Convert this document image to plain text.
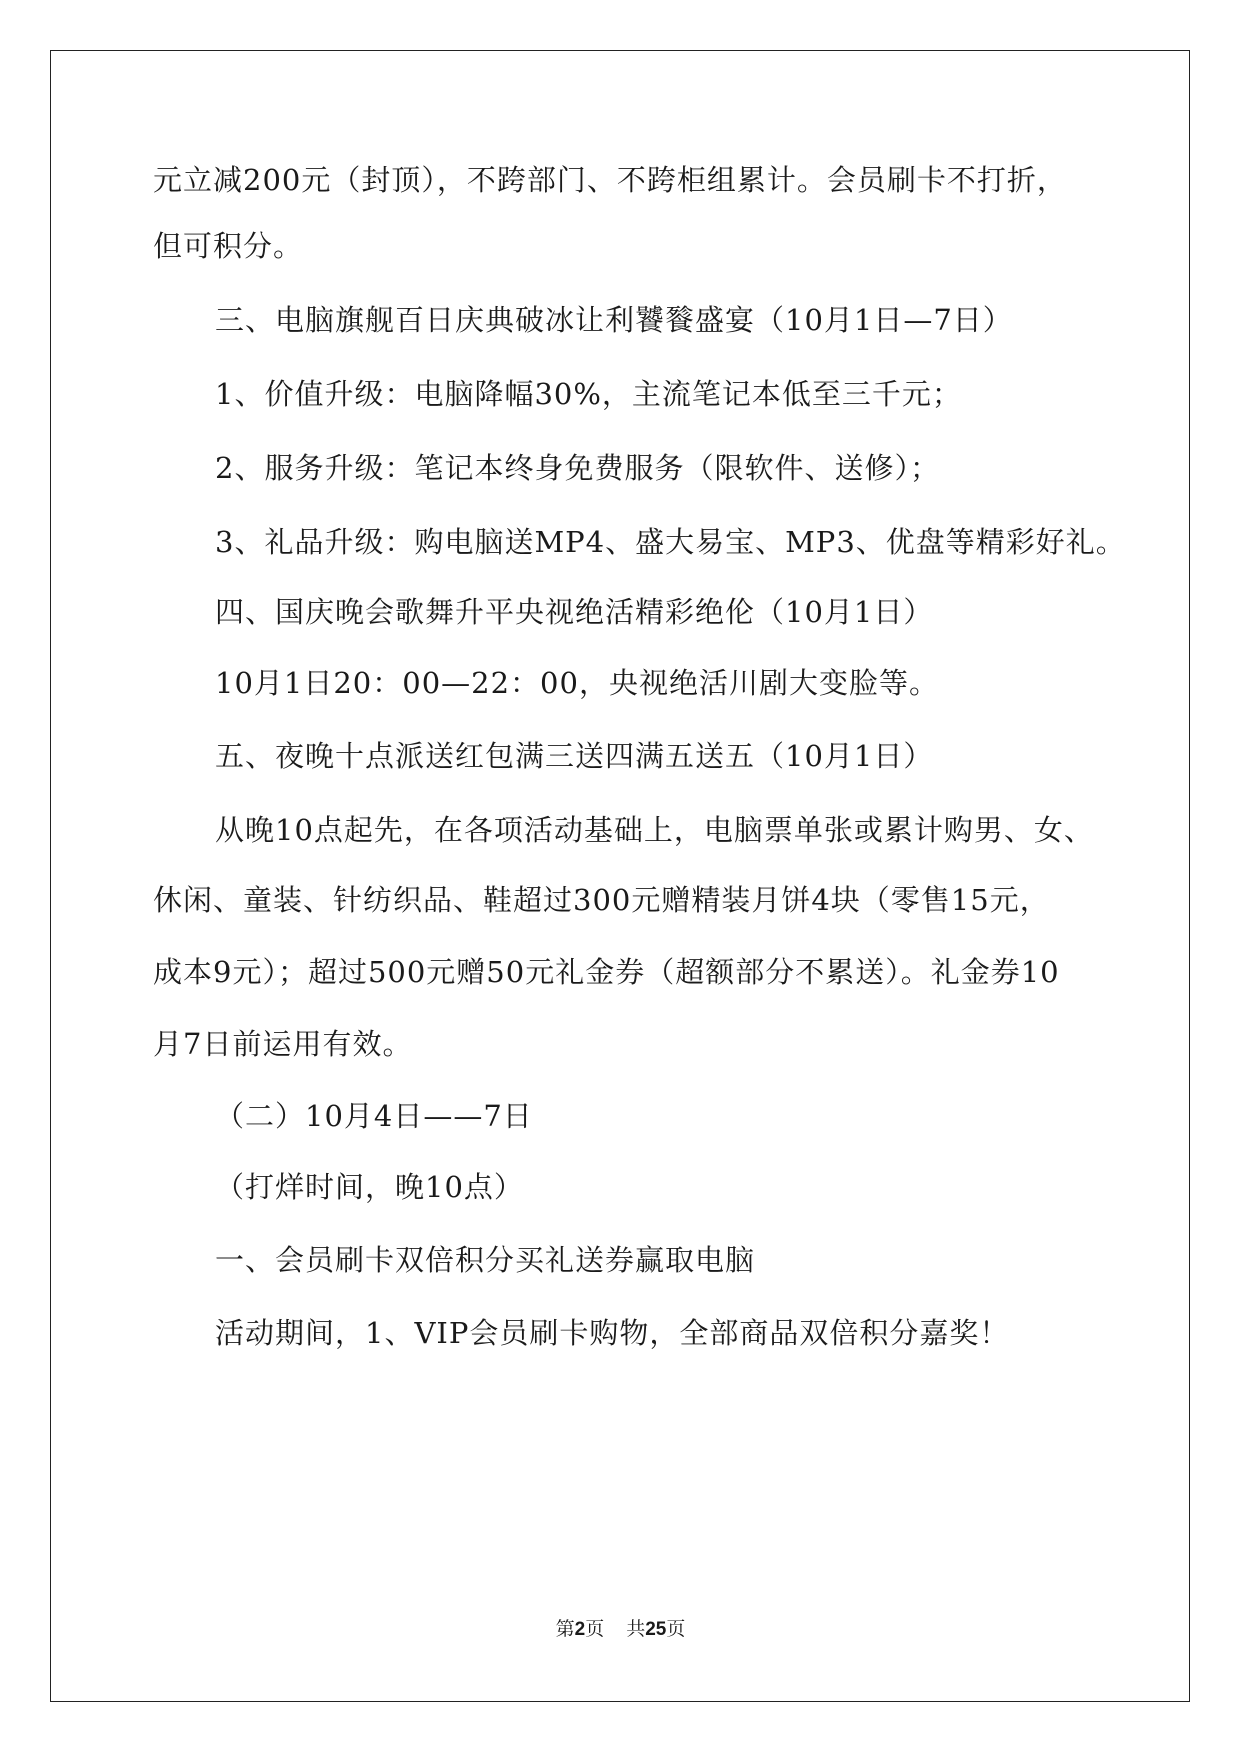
元立减200元（封顶），不跨部门、不跨柜组累计。会员刷卡不打折，
但可积分。
三、电脑旗舰百日庆典破冰让利饕餮盛宴（10月1日—7日）
1、价值升级：电脑降幅30%，主流笔记本低至三千元；
2、服务升级：笔记本终身免费服务（限软件、送修）；
3、礼品升级：购电脑送MP4、盛大易宝、MP3、优盘等精彩好礼。
四、国庆晚会歌舞升平央视绝活精彩绝伦（10月1日）
10月1日20：00—22：00，央视绝活川剧大变脸等。
五、夜晚十点派送红包满三送四满五送五（10月1日）
从晚10点起先，在各项活动基础上，电脑票单张或累计购男、女、
休闲、童装、针纺织品、鞋超过300元赠精装月饼4块（零售15元，
成本9元）；超过500元赠50元礼金券（超额部分不累送）。礼金券10
月7日前运用有效。
（二）10月4日——7日
（打烊时间，晚10点）
一、会员刷卡双倍积分买礼送券赢取电脑
活动期间，1、VIP会员刷卡购物，全部商品双倍积分嘉奖！
第2页 共25页
